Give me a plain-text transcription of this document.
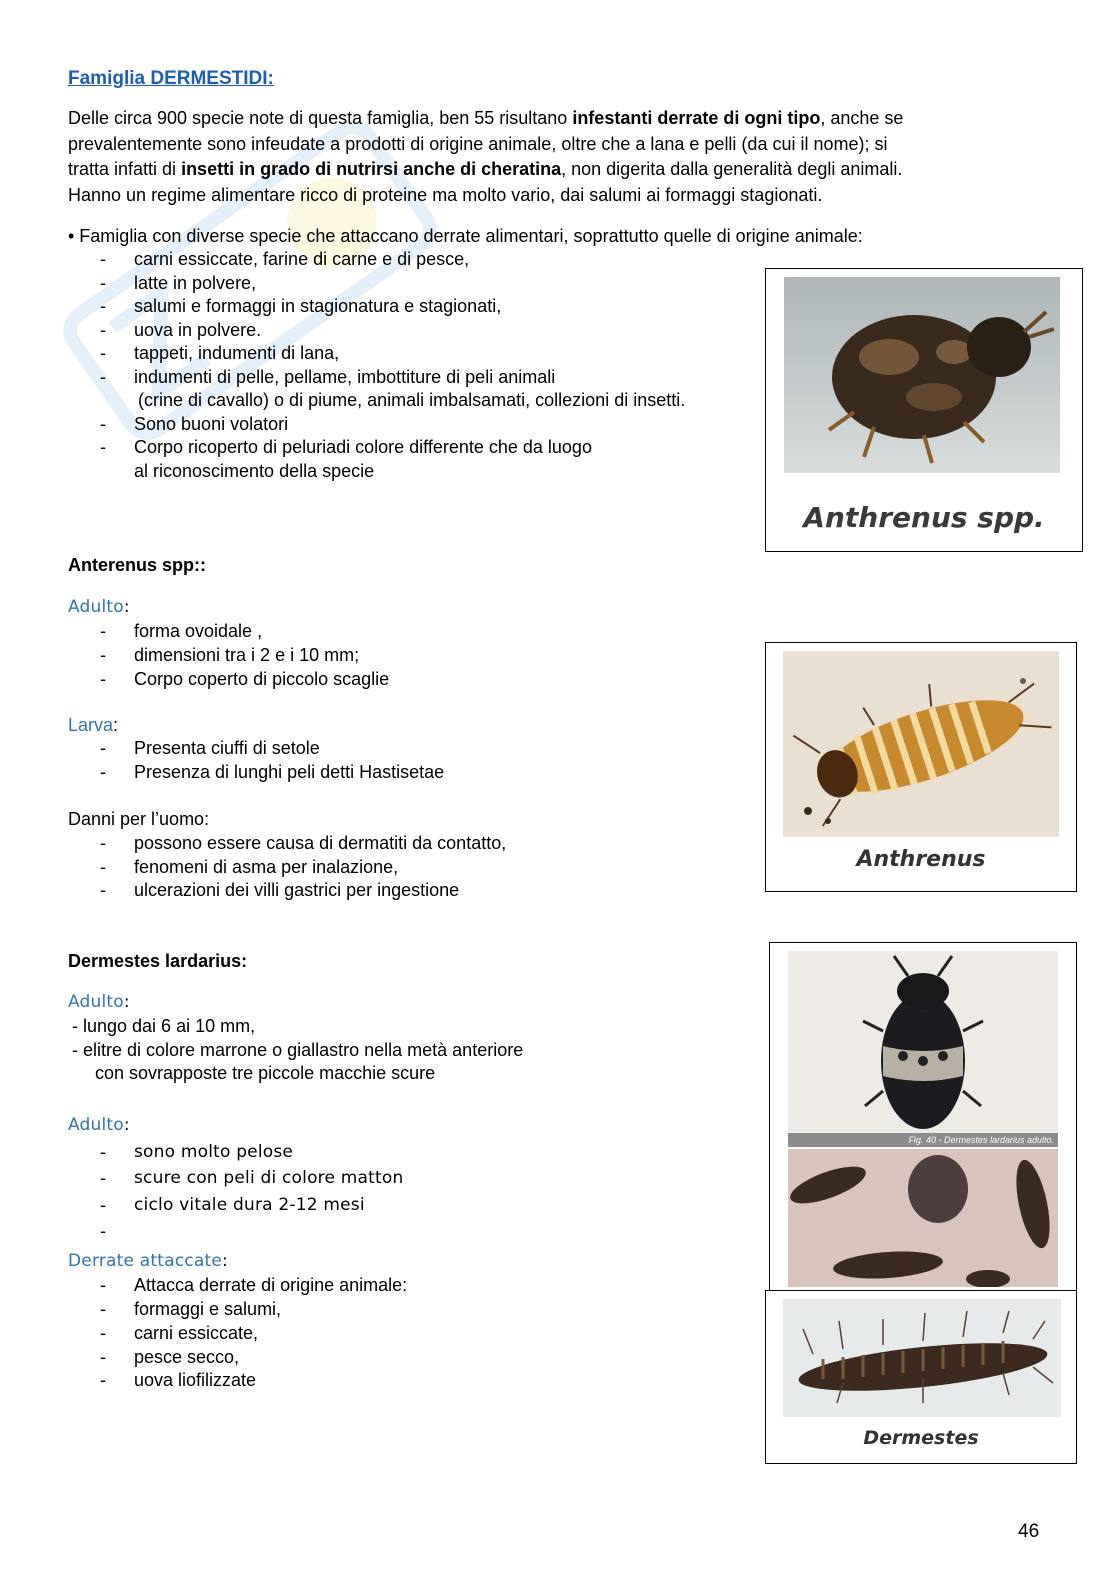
Famiglia DERMESTIDI:
Delle circa 900 specie note di questa famiglia, ben 55 risultano infestanti derrate di ogni tipo, anche se
prevalentemente sono infeudate a prodotti di origine animale, oltre che a lana e pelli (da cui il nome); si
tratta infatti di insetti in grado di nutrirsi anche di cheratina, non digerita dalla generalità degli animali.
Hanno un regime alimentare ricco di proteine ma molto vario, dai salumi ai formaggi stagionati.
• Famiglia con diverse specie che attaccano derrate alimentari, soprattutto quelle di origine animale:
- carni essiccate, farine di carne e di pesce,
- latte in polvere,
- salumi e formaggi in stagionatura e stagionati,
- uova in polvere.
- tappeti, indumenti di lana,
- indumenti di pelle, pellame, imbottiture di peli animali
(crine di cavallo) o di piume, animali imbalsamati, collezioni di insetti.
- Sono buoni volatori
- Corpo ricoperto di peluriadi colore differente che da luogo
al riconoscimento della specie
Anthrenus spp.
Anterenus spp::
Adulto:
- forma ovoidale ,
- dimensioni tra i 2 e i 10 mm;
- Corpo coperto di piccolo scaglie
Larva:
- Presenta ciuffi di setole
- Presenza di lunghi peli detti Hastisetae
Danni per l’uomo:
- possono essere causa di dermatiti da contatto,
- fenomeni di asma per inalazione,
- ulcerazioni dei villi gastrici per ingestione
Anthrenus
Dermestes lardarius:
Adulto:
- lungo dai 6 ai 10 mm,
- elitre di colore marrone o giallastro nella metà anteriore
con sovrapposte tre piccole macchie scure
Adulto:
- sono molto pelose
- scure con peli di colore matton
- ciclo vitale dura 2-12 mesi
-
Derrate attaccate:
- Attacca derrate di origine animale:
- formaggi e salumi,
- carni essiccate,
- pesce secco,
- uova liofilizzate
Fig. 40 - Dermestes lardarius adulto.
Dermestes
46
